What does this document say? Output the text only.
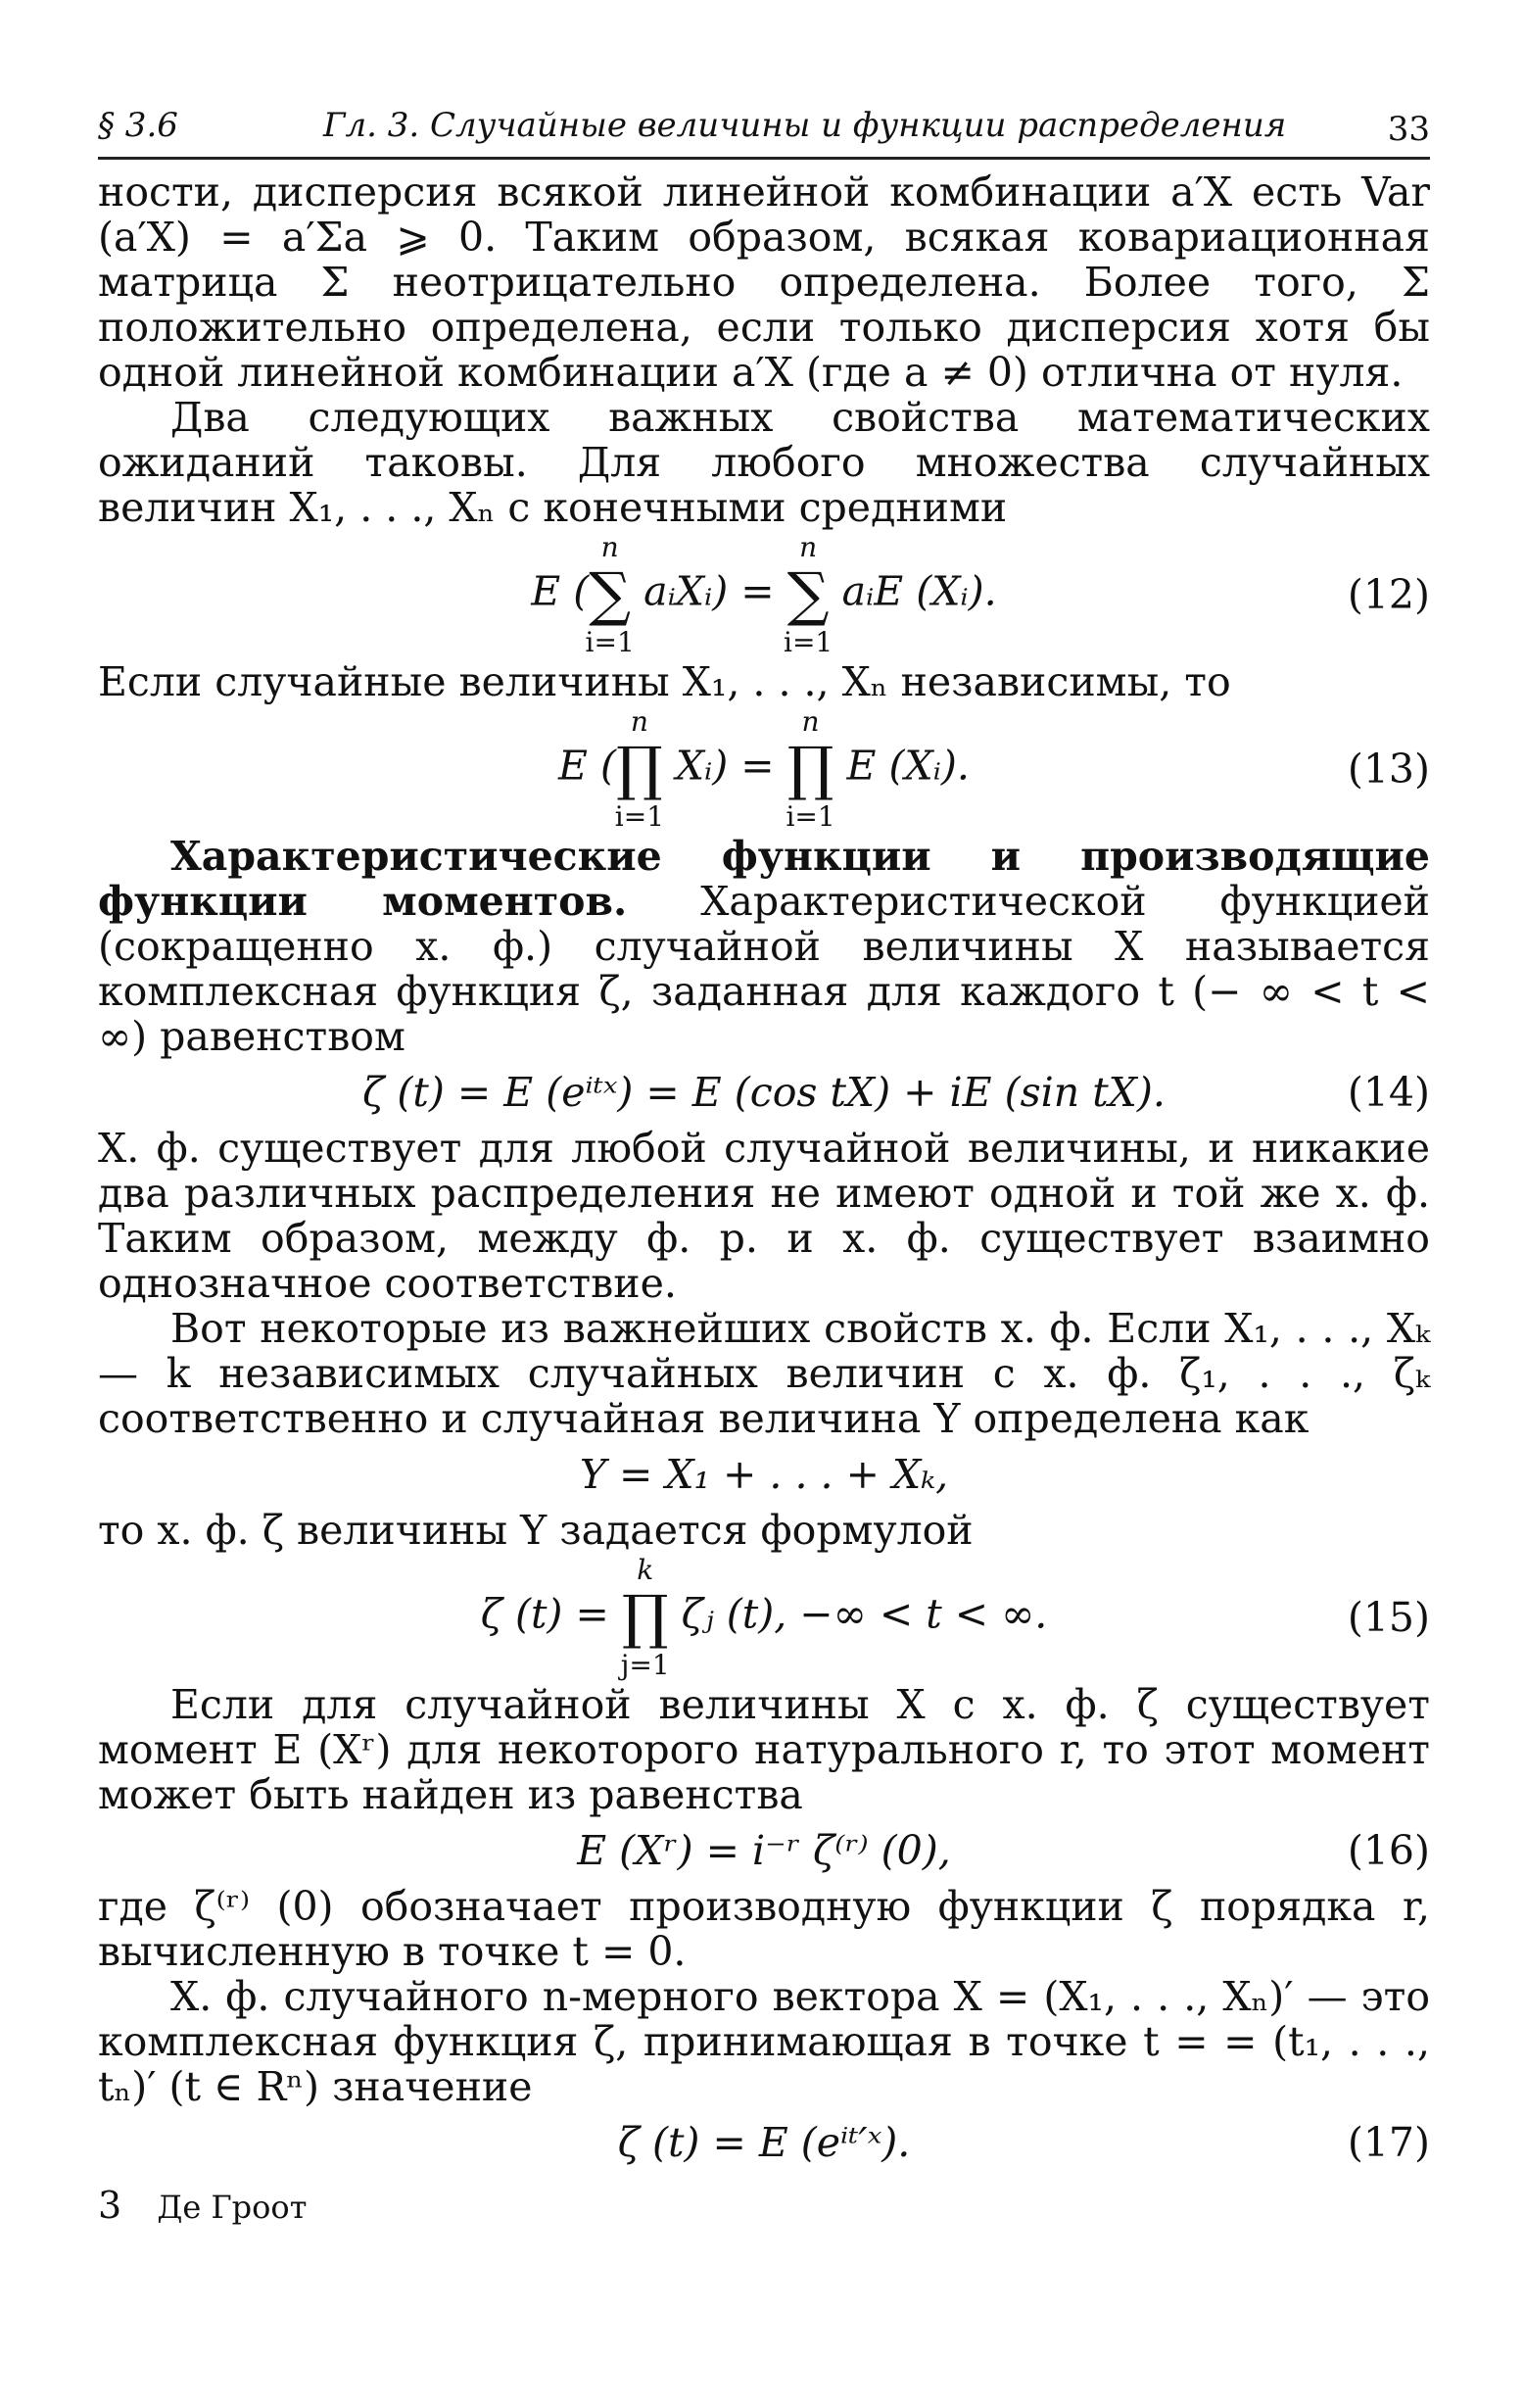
§ 3.6	Гл. 3. Случайные величины и функции распределения	33

ности, дисперсия всякой линейной комбинации a′X есть Var (a′X) = a′Σa ⩾ 0. Таким образом, всякая ковариационная матрица Σ неотрицательно определена. Более того, Σ положительно определена, если только дисперсия хотя бы одной линейной комбинации a′X (где a ≠ 0) отлична от нуля.

Два следующих важных свойства математических ожиданий таковы. Для любого множества случайных величин X₁, . . ., Xₙ с конечными средними

E (∑
n
i=1
aᵢXᵢ) = ∑
n
i=1
aᵢE (Xᵢ).	(12)

Если случайные величины X₁, . . ., Xₙ независимы, то

E (∏
n
i=1
Xᵢ) = ∏
n
i=1
E (Xᵢ).	(13)

Характеристические функции и производящие функции моментов. Характеристической функцией (сокращенно х. ф.) случайной величины X называется комплексная функция ζ, заданная для каждого t (− ∞ < t < ∞) равенством

ζ (t) = E (eⁱᵗˣ) = E (cos tX) + iE (sin tX).	(14)

Х. ф. существует для любой случайной величины, и никакие два различных распределения не имеют одной и той же х. ф. Таким образом, между ф. р. и х. ф. существует взаимно однозначное соответствие.

Вот некоторые из важнейших свойств х. ф. Если X₁, . . ., Xₖ — k независимых случайных величин с х. ф. ζ₁, . . ., ζₖ соответственно и случайная величина Y определена как

Y = X₁ + . . . + Xₖ,

то х. ф. ζ величины Y задается формулой

ζ (t) = ∏
k
j=1
ζⱼ (t), −∞ < t < ∞.	(15)

Если для случайной величины X с х. ф. ζ существует момент E (Xʳ) для некоторого натурального r, то этот момент может быть найден из равенства

E (Xʳ) = i⁻ʳ ζ⁽ʳ⁾ (0),	(16)

где ζ⁽ʳ⁾ (0) обозначает производную функции ζ порядка r, вычисленную в точке t = 0.

Х. ф. случайного n-мерного вектора X = (X₁, . . ., Xₙ)′ — это комплексная функция ζ, принимающая в точке t = = (t₁, . . ., tₙ)′ (t ∈ Rⁿ) значение

ζ (t) = E (eⁱᵗ′ˣ).	(17)
3 Де Гроот
